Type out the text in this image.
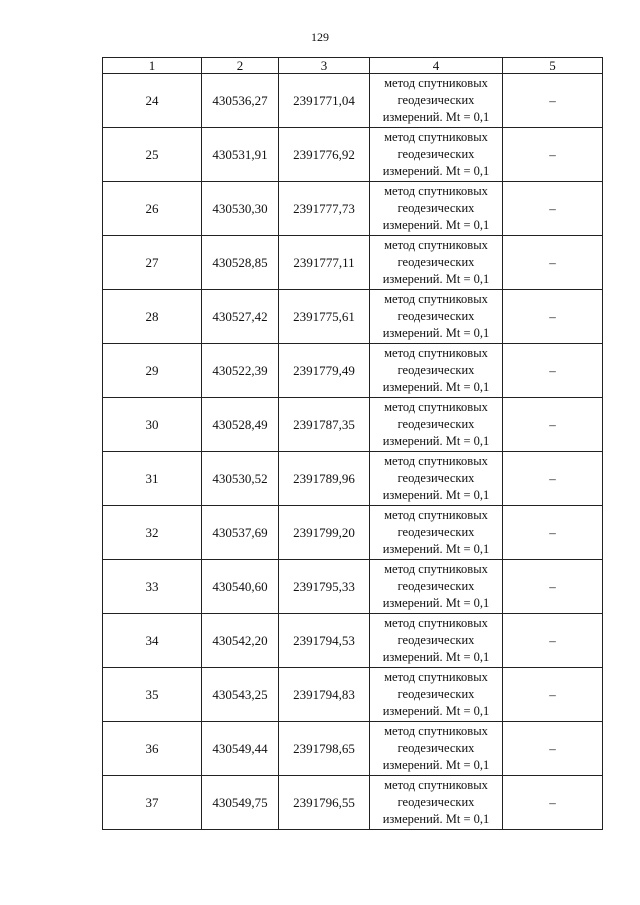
129
1	2	3	4	5
24	430536,27	2391771,04	метод спутниковых
геодезических
измерений. Mt = 0,1	–
25	430531,91	2391776,92	метод спутниковых
геодезических
измерений. Mt = 0,1	–
26	430530,30	2391777,73	метод спутниковых
геодезических
измерений. Mt = 0,1	–
27	430528,85	2391777,11	метод спутниковых
геодезических
измерений. Mt = 0,1	–
28	430527,42	2391775,61	метод спутниковых
геодезических
измерений. Mt = 0,1	–
29	430522,39	2391779,49	метод спутниковых
геодезических
измерений. Mt = 0,1	–
30	430528,49	2391787,35	метод спутниковых
геодезических
измерений. Mt = 0,1	–
31	430530,52	2391789,96	метод спутниковых
геодезических
измерений. Mt = 0,1	–
32	430537,69	2391799,20	метод спутниковых
геодезических
измерений. Mt = 0,1	–
33	430540,60	2391795,33	метод спутниковых
геодезических
измерений. Mt = 0,1	–
34	430542,20	2391794,53	метод спутниковых
геодезических
измерений. Mt = 0,1	–
35	430543,25	2391794,83	метод спутниковых
геодезических
измерений. Mt = 0,1	–
36	430549,44	2391798,65	метод спутниковых
геодезических
измерений. Mt = 0,1	–
37	430549,75	2391796,55	метод спутниковых
геодезических
измерений. Mt = 0,1	–
